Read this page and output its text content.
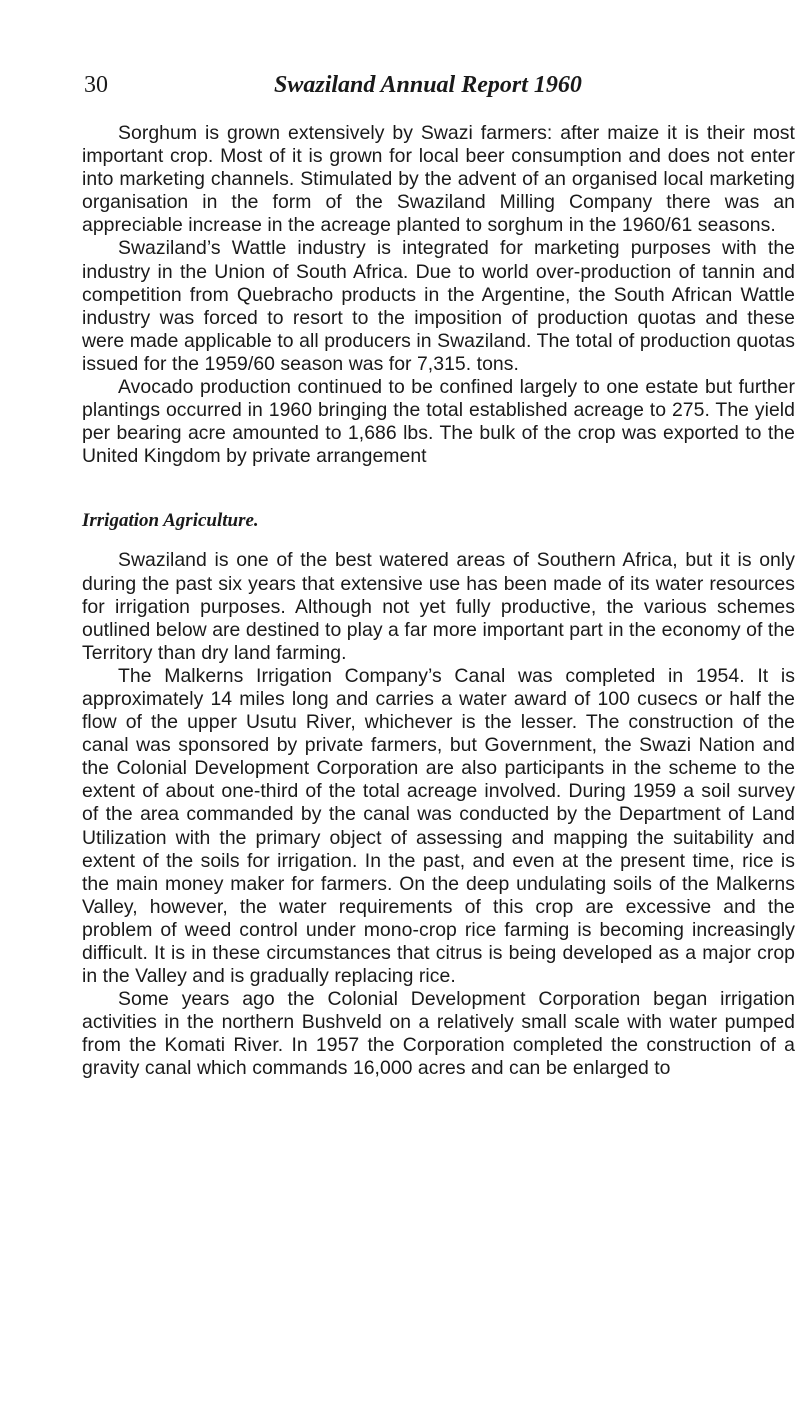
30	Swaziland Annual Report 1960

Sorghum is grown extensively by Swazi farmers: after maize it is their most important crop. Most of it is grown for local beer consumption and does not enter into marketing channels. Stimulated by the advent of an organised local marketing organisation in the form of the Swaziland Milling Company there was an appreciable increase in the acreage planted to sorghum in the 1960/61 seasons.

Swaziland’s Wattle industry is integrated for marketing purposes with the industry in the Union of South Africa. Due to world over-production of tannin and competition from Quebracho products in the Argentine, the South African Wattle industry was forced to resort to the imposition of production quotas and these were made applicable to all producers in Swaziland. The total of production quotas issued for the 1959/60 season was for 7,315. tons.

Avocado production continued to be confined largely to one estate but further plantings occurred in 1960 bringing the total established acreage to 275. The yield per bearing acre amounted to 1,686 lbs. The bulk of the crop was exported to the United Kingdom by private arrangement

Irrigation Agriculture.

Swaziland is one of the best watered areas of Southern Africa, but it is only during the past six years that extensive use has been made of its water resources for irrigation purposes. Although not yet fully productive, the various schemes outlined below are destined to play a far more important part in the economy of the Territory than dry land farming.

The Malkerns Irrigation Company’s Canal was completed in 1954. It is approximately 14 miles long and carries a water award of 100 cusecs or half the flow of the upper Usutu River, whichever is the lesser. The construction of the canal was sponsored by private farmers, but Government, the Swazi Nation and the Colonial Development Corporation are also participants in the scheme to the extent of about one-third of the total acreage involved. During 1959 a soil survey of the area commanded by the canal was conducted by the Department of Land Utilization with the primary object of assessing and mapping the suitability and extent of the soils for irrigation. In the past, and even at the present time, rice is the main money maker for farmers. On the deep undulating soils of the Malkerns Valley, however, the water requirements of this crop are excessive and the problem of weed control under mono-crop rice farming is becoming increasingly difficult. It is in these circumstances that citrus is being developed as a major crop in the Valley and is gradually replacing rice.

Some years ago the Colonial Development Corporation began irrigation activities in the northern Bushveld on a relatively small scale with water pumped from the Komati River. In 1957 the Corporation completed the construction of a gravity canal which commands 16,000 acres and can be enlarged to
